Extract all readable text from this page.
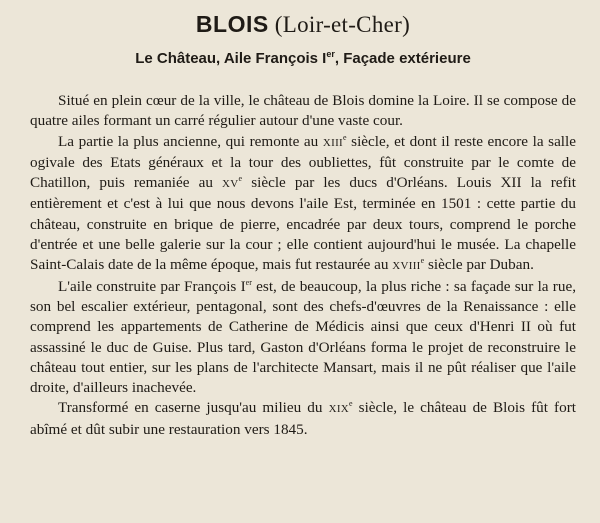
BLOIS (Loir-et-Cher)
Le Château, Aile François Ier, Façade extérieure

Situé en plein cœur de la ville, le château de Blois domine la Loire. Il se compose de quatre ailes formant un carré régulier autour d'une vaste cour.

La partie la plus ancienne, qui remonte au XIIIe siècle, et dont il reste encore la salle ogivale des Etats généraux et la tour des oubliettes, fût construite par le comte de Chatillon, puis remaniée au XVe siècle par les ducs d'Orléans. Louis XII la refit entièrement et c'est à lui que nous devons l'aile Est, terminée en 1501 : cette partie du château, construite en brique de pierre, encadrée par deux tours, comprend le porche d'entrée et une belle galerie sur la cour ; elle contient aujourd'hui le musée. La chapelle Saint-Calais date de la même époque, mais fut restaurée au XVIIIe siècle par Duban.

L'aile construite par François Ier est, de beaucoup, la plus riche : sa façade sur la rue, son bel escalier extérieur, pentagonal, sont des chefs-d'œuvres de la Renaissance : elle comprend les appartements de Catherine de Médicis ainsi que ceux d'Henri II où fut assassiné le duc de Guise. Plus tard, Gaston d'Orléans forma le projet de reconstruire le château tout entier, sur les plans de l'architecte Mansart, mais il ne pût réaliser que l'aile droite, d'ailleurs inachevée.

Transformé en caserne jusqu'au milieu du XIXe siècle, le château de Blois fût fort abîmé et dût subir une restauration vers 1845.
